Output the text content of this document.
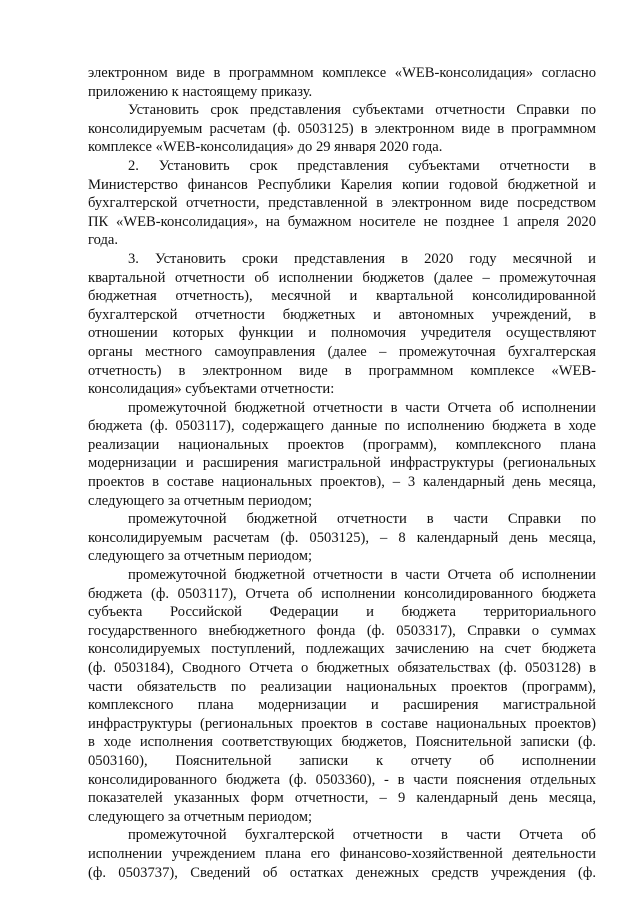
электронном виде в программном комплексе «WEB-консолидация» согласно
приложению к настоящему приказу.
Установить срок представления субъектами отчетности Справки по
консолидируемым расчетам (ф. 0503125) в электронном виде в программном
комплексе «WEB-консолидация» до 29 января 2020 года.
2. Установить срок представления субъектами отчетности в
Министерство финансов Республики Карелия копии годовой бюджетной и
бухгалтерской отчетности, представленной в электронном виде посредством
ПК «WEB-консолидация», на бумажном носителе не позднее 1 апреля 2020
года.
3. Установить сроки представления в 2020 году месячной и
квартальной отчетности об исполнении бюджетов (далее – промежуточная
бюджетная отчетность), месячной и квартальной консолидированной
бухгалтерской отчетности бюджетных и автономных учреждений, в
отношении которых функции и полномочия учредителя осуществляют
органы местного самоуправления (далее – промежуточная бухгалтерская
отчетность) в электронном виде в программном комплексе «WEB-
консолидация» субъектами отчетности:
промежуточной бюджетной отчетности в части Отчета об исполнении
бюджета (ф. 0503117), содержащего данные по исполнению бюджета в ходе
реализации национальных проектов (программ), комплексного плана
модернизации и расширения магистральной инфраструктуры (региональных
проектов в составе национальных проектов), – 3 календарный день месяца,
следующего за отчетным периодом;
промежуточной бюджетной отчетности в части Справки по
консолидируемым расчетам (ф. 0503125), – 8 календарный день месяца,
следующего за отчетным периодом;
промежуточной бюджетной отчетности в части Отчета об исполнении
бюджета (ф. 0503117), Отчета об исполнении консолидированного бюджета
субъекта Российской Федерации и бюджета территориального
государственного внебюджетного фонда (ф. 0503317), Справки о суммах
консолидируемых поступлений, подлежащих зачислению на счет бюджета
(ф. 0503184), Сводного Отчета о бюджетных обязательствах (ф. 0503128) в
части обязательств по реализации национальных проектов (программ),
комплексного плана модернизации и расширения магистральной
инфраструктуры (региональных проектов в составе национальных проектов)
в ходе исполнения соответствующих бюджетов, Пояснительной записки (ф.
0503160), Пояснительной записки к отчету об исполнении
консолидированного бюджета (ф. 0503360), - в части пояснения отдельных
показателей указанных форм отчетности, – 9 календарный день месяца,
следующего за отчетным периодом;
промежуточной бухгалтерской отчетности в части Отчета об
исполнении учреждением плана его финансово-хозяйственной деятельности
(ф. 0503737), Сведений об остатках денежных средств учреждения (ф.
